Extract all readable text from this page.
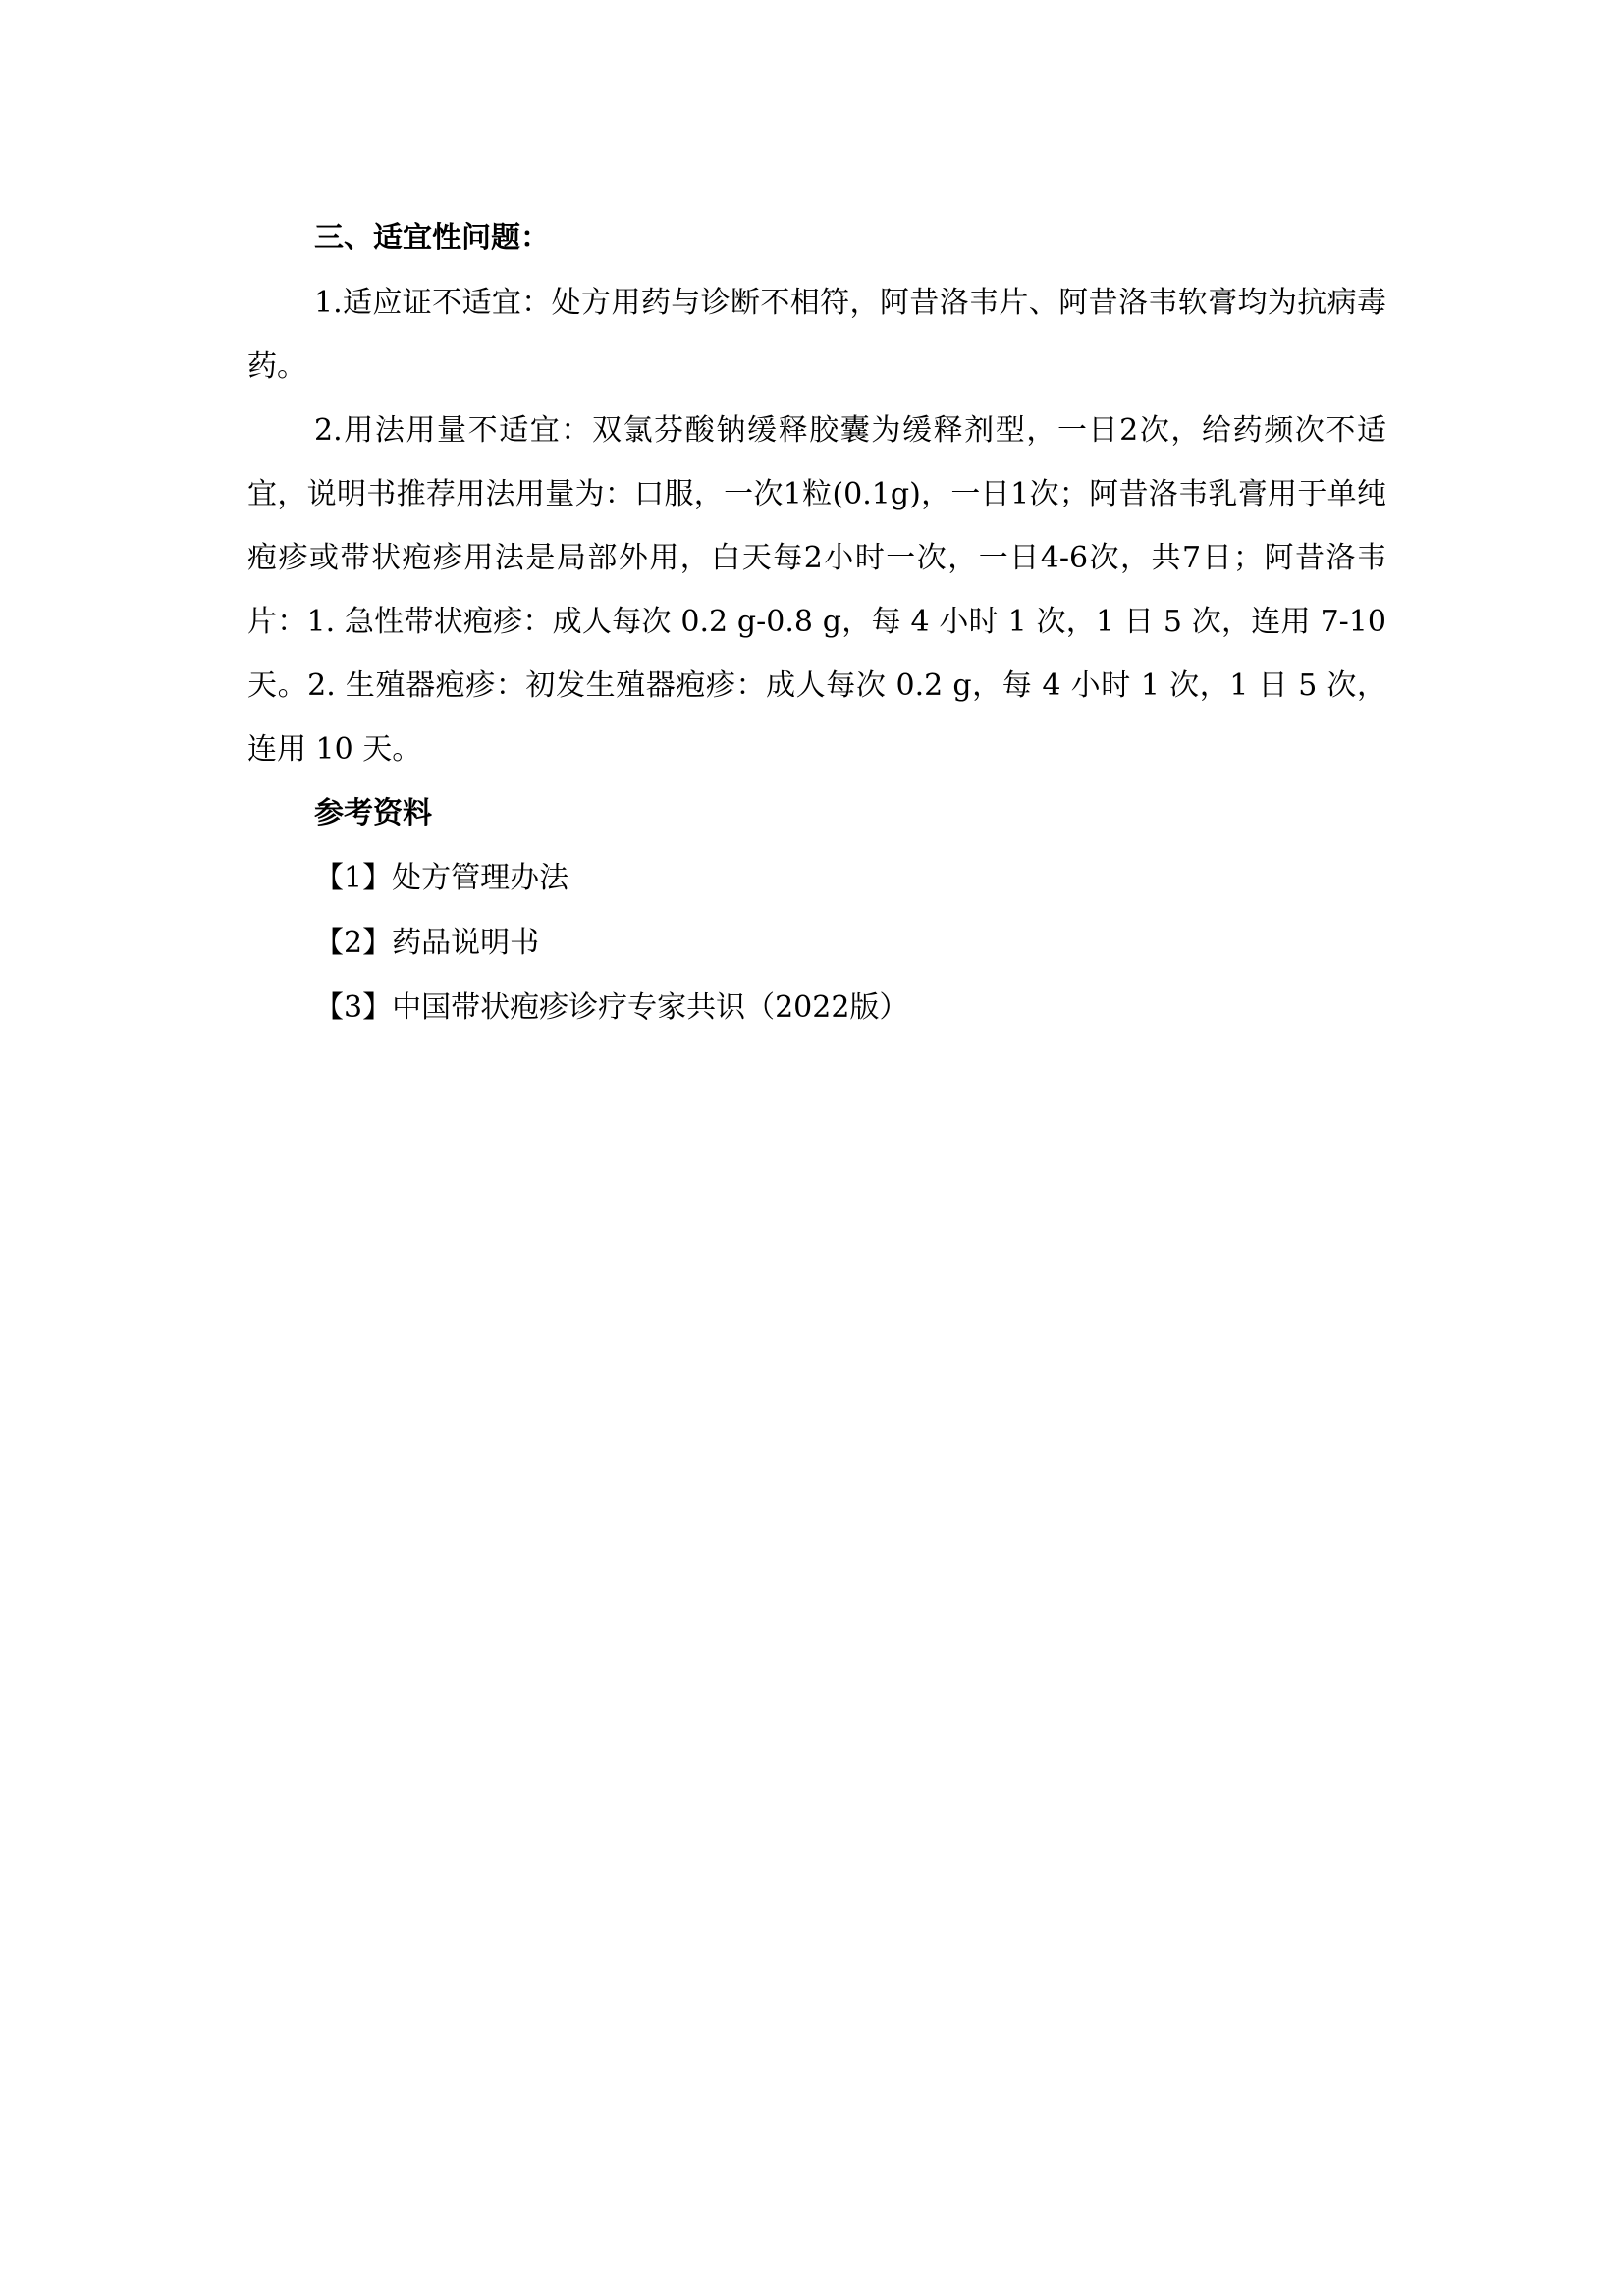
三、适宜性问题：

1.适应证不适宜：处方用药与诊断不相符，阿昔洛韦片、阿昔洛韦软膏均为抗病毒药。

2.用法用量不适宜：双氯芬酸钠缓释胶囊为缓释剂型，一日2次，给药频次不适宜，说明书推荐用法用量为：口服，一次1粒(0.1g)，一日1次；阿昔洛韦乳膏用于单纯疱疹或带状疱疹用法是局部外用，白天每2小时一次，一日4-6次，共7日；阿昔洛韦片：1. 急性带状疱疹：成人每次 0.2 g-0.8 g，每 4 小时 1 次，1 日 5 次，连用 7-10 天。2. 生殖器疱疹：初发生殖器疱疹：成人每次 0.2 g，每 4 小时 1 次，1 日 5 次，连用 10 天。

参考资料
【1】处方管理办法
【2】药品说明书
【3】中国带状疱疹诊疗专家共识（2022版）
